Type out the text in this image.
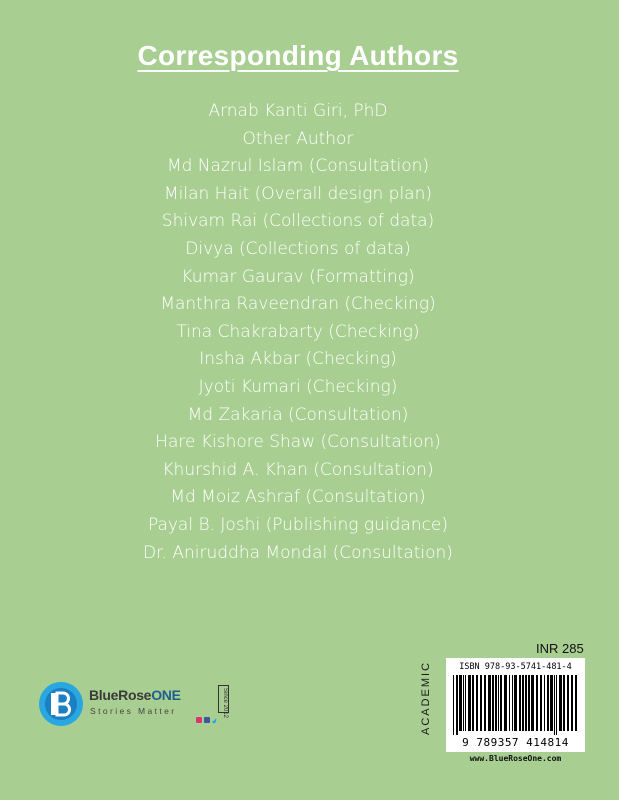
Corresponding Authors
Arnab Kanti Giri, PhD
Other Author
Md Nazrul Islam (Consultation)
Milan Hait (Overall design plan)
Shivam Rai (Collections of data)
Divya (Collections of data)
Kumar Gaurav (Formatting)
Manthra Raveendran (Checking)
Tina Chakrabarty (Checking)
Insha Akbar (Checking)
Jyoti Kumari (Checking)
Md Zakaria (Consultation)
Hare Kishore Shaw (Consultation)
Khurshid A. Khan (Consultation)
Md Moiz Ashraf (Consultation)
Payal B. Joshi (Publishing guidance)
Dr. Aniruddha Mondal (Consultation)
INR 285
ACADEMIC	ISBN 978-93-5741-481-4
9 789357 414814
www.BlueRoseOne.com
BlueRoseONE
Stories Matter	Since 2012
